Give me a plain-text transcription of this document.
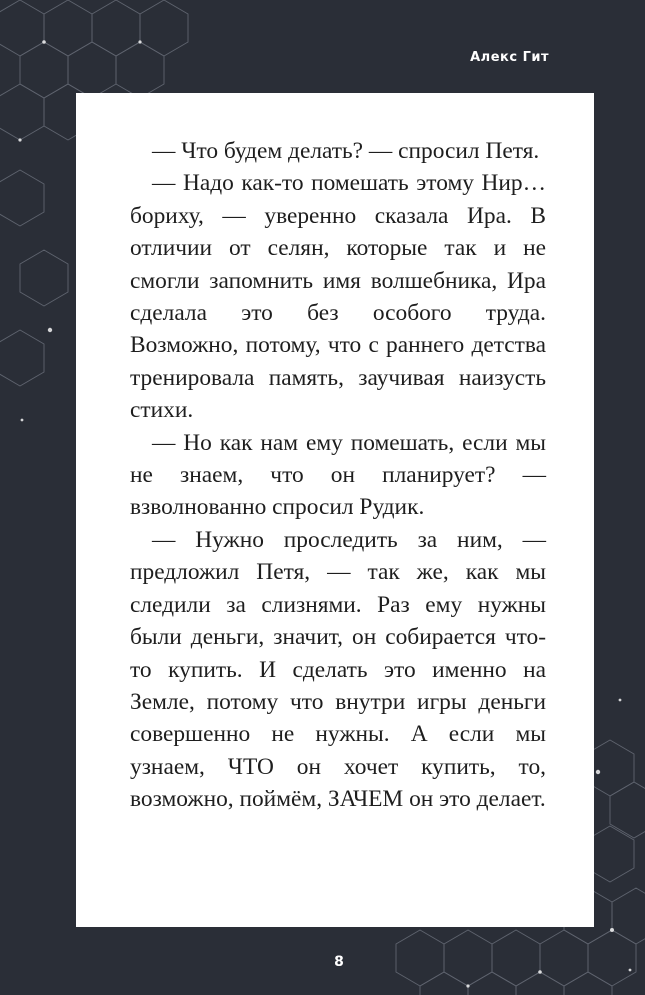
Алекс Гит

— Что будем делать? — спросил Петя.

— Надо как-то помешать этому Нир… бориху, — уверенно сказала Ира. В отличии от селян, которые так и не смогли запомнить имя волшебника, Ира сделала это без особого труда. Возможно, потому, что с раннего детства тренировала память, заучивая наизусть стихи.

— Но как нам ему помешать, если мы не знаем, что он планирует? — взволнованно спросил Рудик.

— Нужно проследить за ним, — предложил Петя, — так же, как мы следили за слизнями. Раз ему нужны были деньги, значит, он собирается что-то купить. И сделать это именно на Земле, потому что внутри игры деньги совершенно не нужны. А если мы узнаем, ЧТО он хочет купить, то, возможно, поймём, ЗАЧЕМ он это делает.

8
